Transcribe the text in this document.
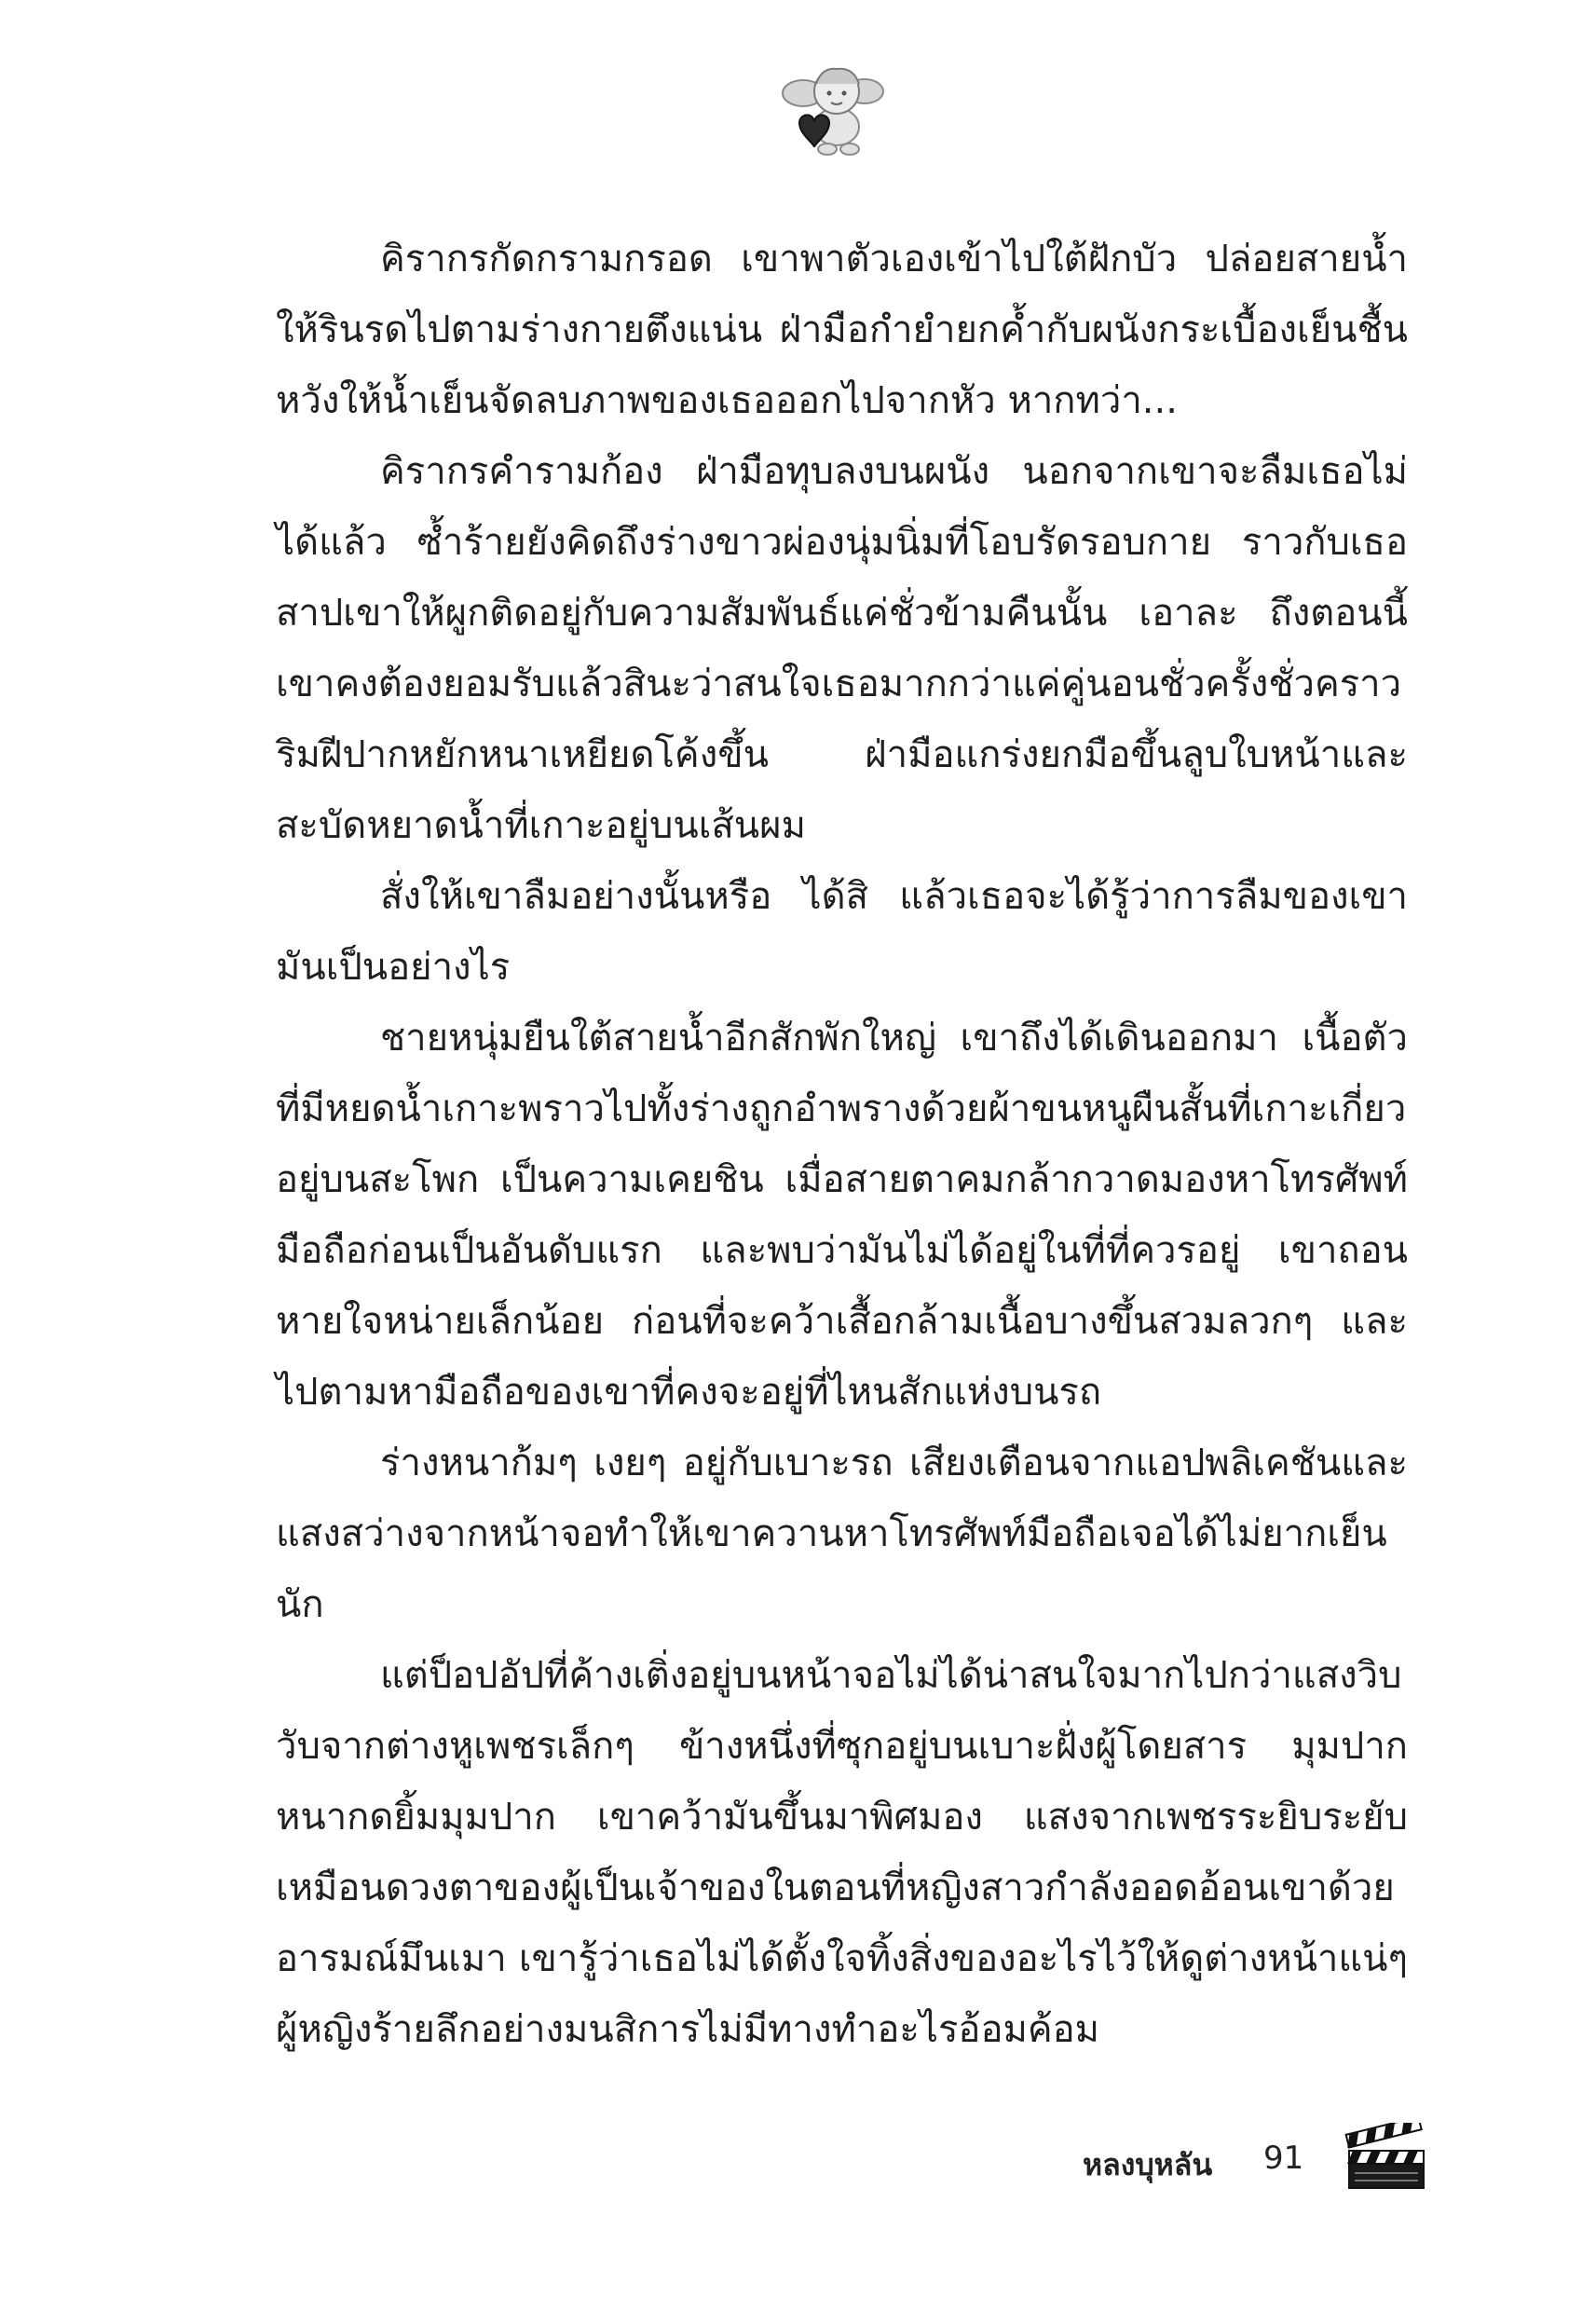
คิรากรกัดกรามกรอด เขาพาตัวเองเข้าไปใต้ฝักบัว ปล่อยสายน้ำให้รินรดไปตามร่างกายตึงแน่น ฝ่ามือกำยำยกค้ำกับผนังกระเบื้องเย็นชื้น หวังให้น้ำเย็นจัดลบภาพของเธอออกไปจากหัว หากทว่า...

คิรากรคำรามก้อง ฝ่ามือทุบลงบนผนัง นอกจากเขาจะลืมเธอไม่ได้แล้ว ซ้ำร้ายยังคิดถึงร่างขาวผ่องนุ่มนิ่มที่โอบรัดรอบกาย ราวกับเธอสาปเขาให้ผูกติดอยู่กับความสัมพันธ์แค่ชั่วข้ามคืนนั้น เอาละ ถึงตอนนี้เขาคงต้องยอมรับแล้วสินะว่าสนใจเธอมากกว่าแค่คู่นอนชั่วครั้งชั่วคราว ริมฝีปากหยักหนาเหยียดโค้งขึ้น ฝ่ามือแกร่งยกมือขึ้นลูบใบหน้าและสะบัดหยาดน้ำที่เกาะอยู่บนเส้นผม

สั่งให้เขาลืมอย่างนั้นหรือ ได้สิ แล้วเธอจะได้รู้ว่าการลืมของเขามันเป็นอย่างไร

ชายหนุ่มยืนใต้สายน้ำอีกสักพักใหญ่ เขาถึงได้เดินออกมา เนื้อตัวที่มีหยดน้ำเกาะพราวไปทั้งร่างถูกอำพรางด้วยผ้าขนหนูผืนสั้นที่เกาะเกี่ยวอยู่บนสะโพก เป็นความเคยชิน เมื่อสายตาคมกล้ากวาดมองหาโทรศัพท์มือถือก่อนเป็นอันดับแรก และพบว่ามันไม่ได้อยู่ในที่ที่ควรอยู่ เขาถอนหายใจหน่ายเล็กน้อย ก่อนที่จะคว้าเสื้อกล้ามเนื้อบางขึ้นสวมลวกๆ และไปตามหามือถือของเขาที่คงจะอยู่ที่ไหนสักแห่งบนรถ

ร่างหนาก้มๆ เงยๆ อยู่กับเบาะรถ เสียงเตือนจากแอปพลิเคชันและแสงสว่างจากหน้าจอทำให้เขาควานหาโทรศัพท์มือถือเจอได้ไม่ยากเย็นนัก

แต่ป็อปอัปที่ค้างเติ่งอยู่บนหน้าจอไม่ได้น่าสนใจมากไปกว่าแสงวิบวับจากต่างหูเพชรเล็กๆ ข้างหนึ่งที่ซุกอยู่บนเบาะฝั่งผู้โดยสาร มุมปากหนากดยิ้มมุมปาก เขาคว้ามันขึ้นมาพิศมอง แสงจากเพชรระยิบระยับเหมือนดวงตาของผู้เป็นเจ้าของในตอนที่หญิงสาวกำลังออดอ้อนเขาด้วยอารมณ์มึนเมา เขารู้ว่าเธอไม่ได้ตั้งใจทิ้งสิ่งของอะไรไว้ให้ดูต่างหน้าแน่ๆ ผู้หญิงร้ายลึกอย่างมนสิการไม่มีทางทำอะไรอ้อมค้อม

หลงบุหลัน 91
